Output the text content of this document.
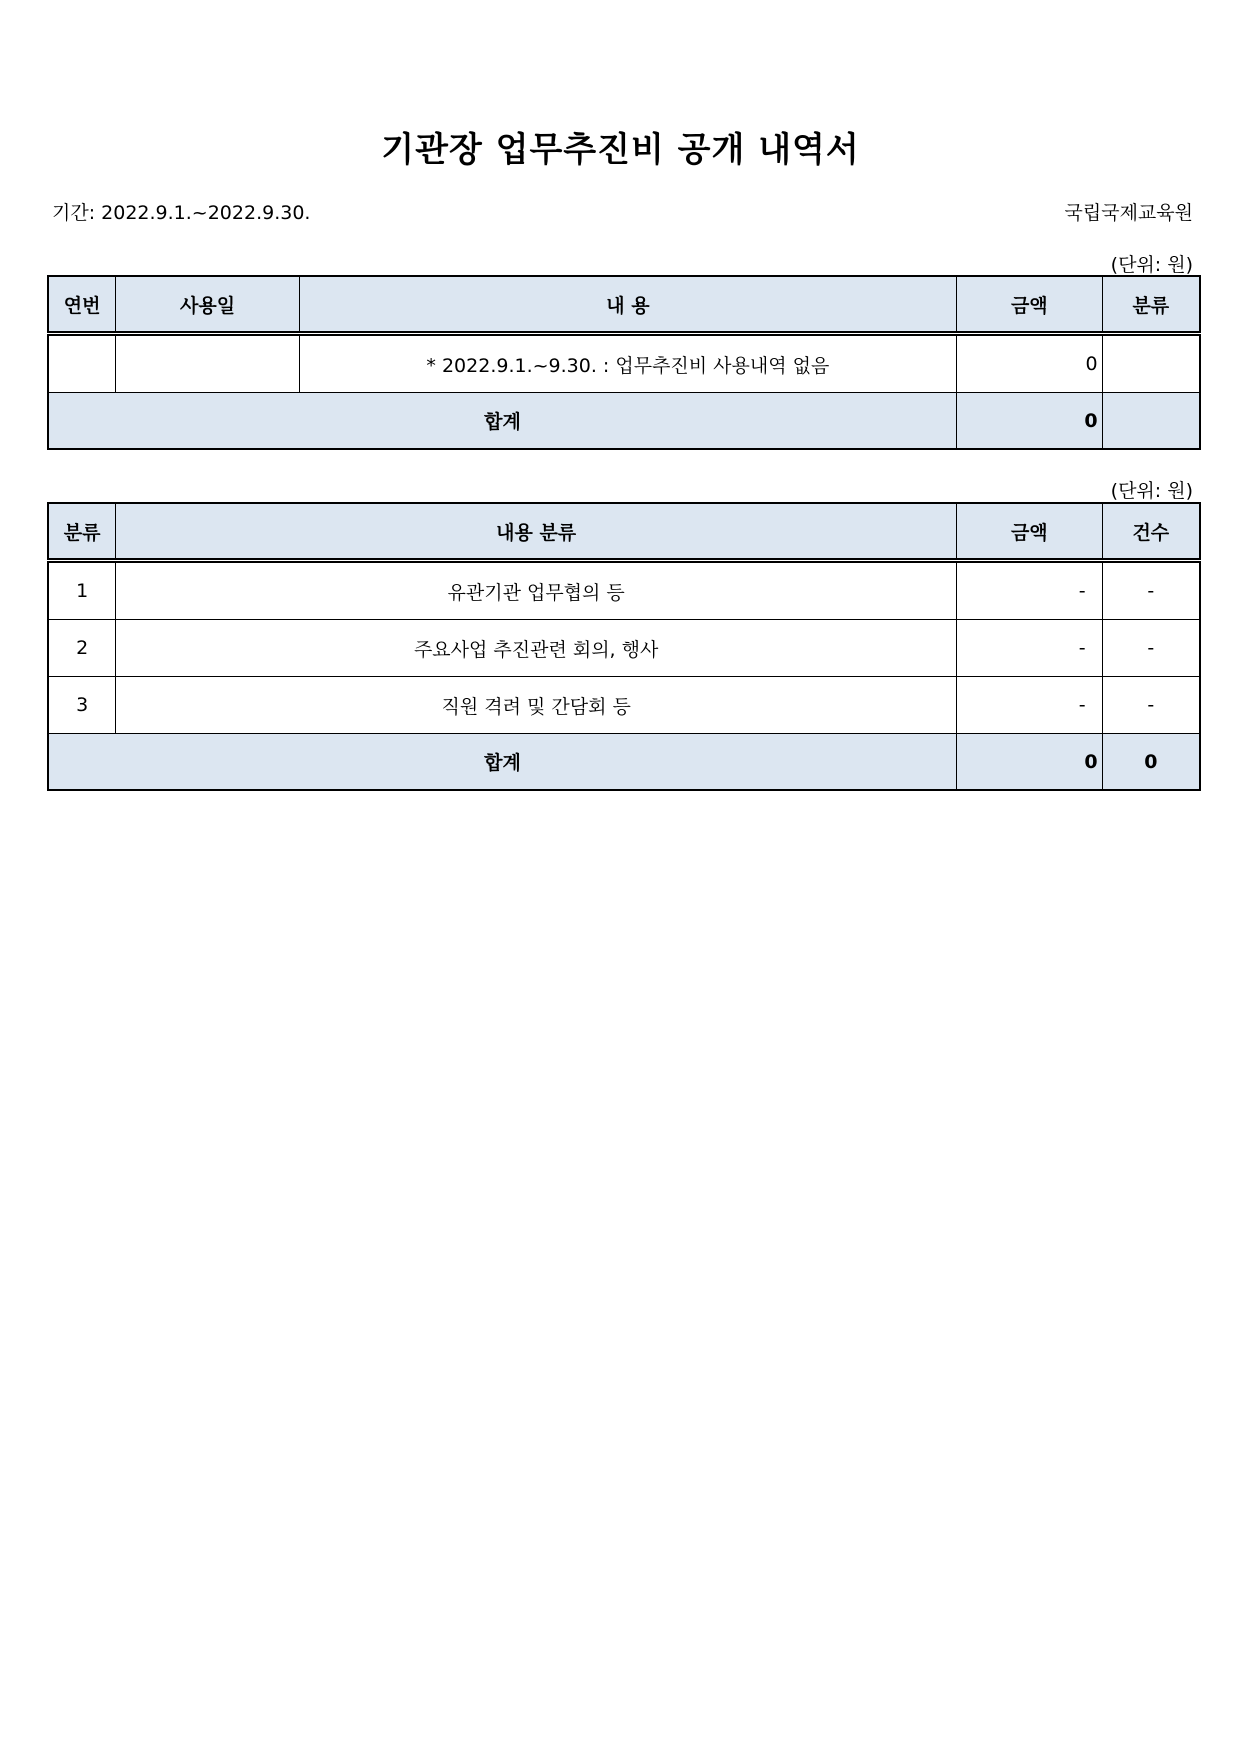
기관장 업무추진비 공개 내역서
기간: 2022.9.1.~2022.9.30.	국립국제교육원
(단위: 원)
연번	사용일	내 용	금액	분류
		* 2022.9.1.~9.30. : 업무추진비 사용내역 없음	0	
합계			0	
(단위: 원)
분류	내용 분류	금액	건수
1	유관기관 업무협의 등	-	-
2	주요사업 추진관련 회의, 행사	-	-
3	직원 격려 및 간담회 등	-	-
합계		0	0
